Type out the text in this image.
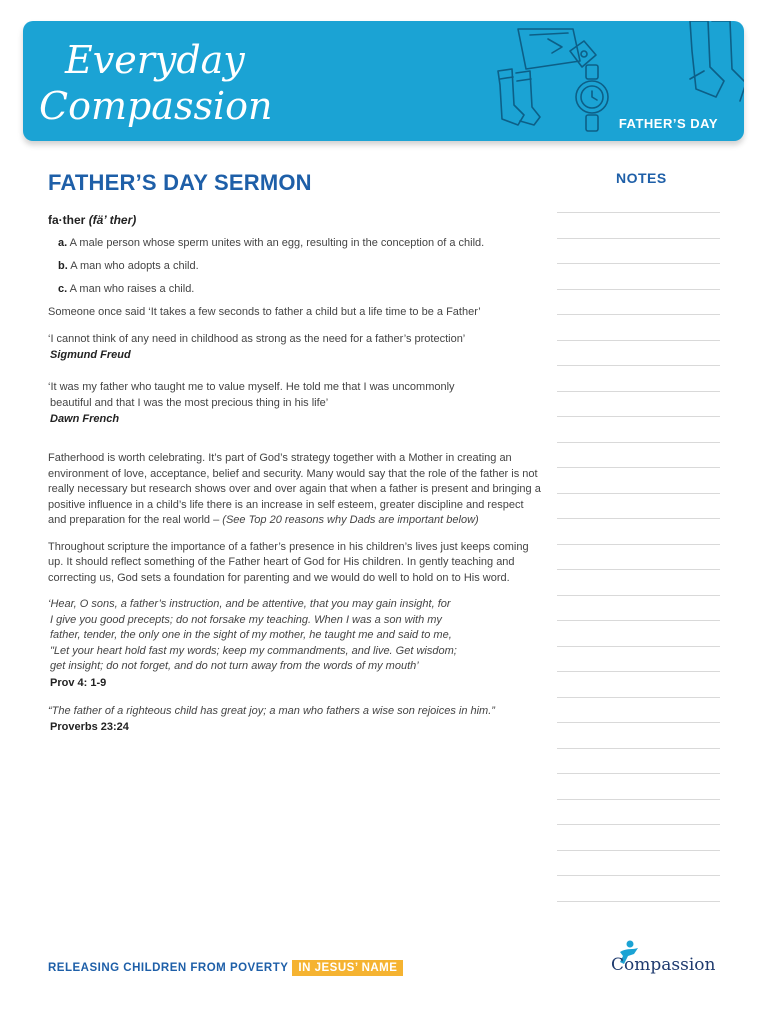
Everyday
Compassion	FATHER’S DAY
FATHER’S DAY SERMON
fa·ther (fä’ ther)
a. A male person whose sperm unites with an egg, resulting in the conception of a child.
b. A man who adopts a child.
c. A man who raises a child.

Someone once said ‘It takes a few seconds to father a child but a life time to be a Father’

‘I cannot think of any need in childhood as strong as the need for a father’s protection’

Sigmund Freud

‘It was my father who taught me to value myself. He told me that I was uncommonly

beautiful and that I was the most precious thing in his life’

Dawn French

Fatherhood is worth celebrating. It’s part of God’s strategy together with a Mother in creating an environment of love, acceptance, belief and security. Many would say that the role of the father is not really necessary but research shows over and over again that when a father is present and bringing a positive influence in a child’s life there is an increase in self esteem, greater discipline and respect and preparation for the real world – (See Top 20 reasons why Dads are important below)

Throughout scripture the importance of a father’s presence in his children’s lives just keeps coming up. It should reflect something of the Father heart of God for His children. In gently teaching and correcting us, God sets a foundation for parenting and we would do well to hold on to His word.

‘Hear, O sons, a father’s instruction, and be attentive, that you may gain insight, for

I give you good precepts; do not forsake my teaching. When I was a son with my

father, tender, the only one in the sight of my mother, he taught me and said to me,

"Let your heart hold fast my words; keep my commandments, and live. Get wisdom;

get insight; do not forget, and do not turn away from the words of my mouth’

Prov 4: 1-9

“The father of a righteous child has great joy; a man who fathers a wise son rejoices in him.”

Proverbs 23:24
NOTES
RELEASING CHILDREN FROM POVERTY IN JESUS’ NAME	Compassion
